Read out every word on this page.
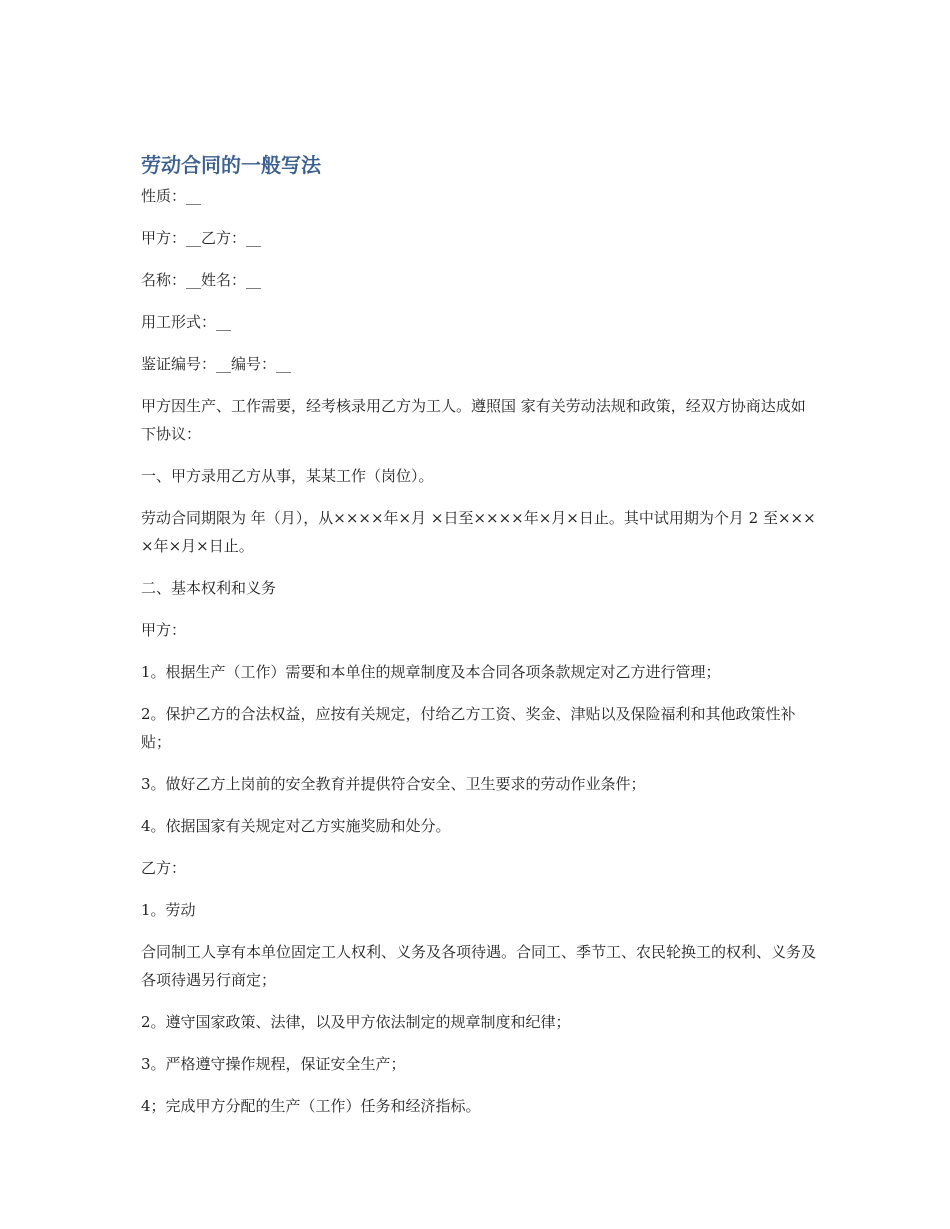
劳动合同的一般写法

性质：__

甲方：__乙方：__

名称：__姓名：__

用工形式：__

鉴证编号：__编号：__

甲方因生产、工作需要，经考核录用乙方为工人。遵照国 家有关劳动法规和政策，经双方协商达成如下协议：

一、甲方录用乙方从事，某某工作（岗位）。

劳动合同期限为 年（月），从××××年×月 ×日至××××年×月×日止。其中试用期为个月 2 至××××年×月×日止。

二、基本权利和义务

甲方：

1。根据生产（工作）需要和本单住的规章制度及本合同各项条款规定对乙方进行管理；

2。保护乙方的合法权益，应按有关规定，付给乙方工资、奖金、津贴以及保险福利和其他政策性补贴；

3。做好乙方上岗前的安全教育并提供符合安全、卫生要求的劳动作业条件；

4。依据国家有关规定对乙方实施奖励和处分。

乙方：

1。劳动

合同制工人享有本单位固定工人权利、义务及各项待遇。合同工、季节工、农民轮换工的权利、义务及各项待遇另行商定；

2。遵守国家政策、法律，以及甲方依法制定的规章制度和纪律；

3。严格遵守操作规程，保证安全生产；

4；完成甲方分配的生产（工作）任务和经济指标。
